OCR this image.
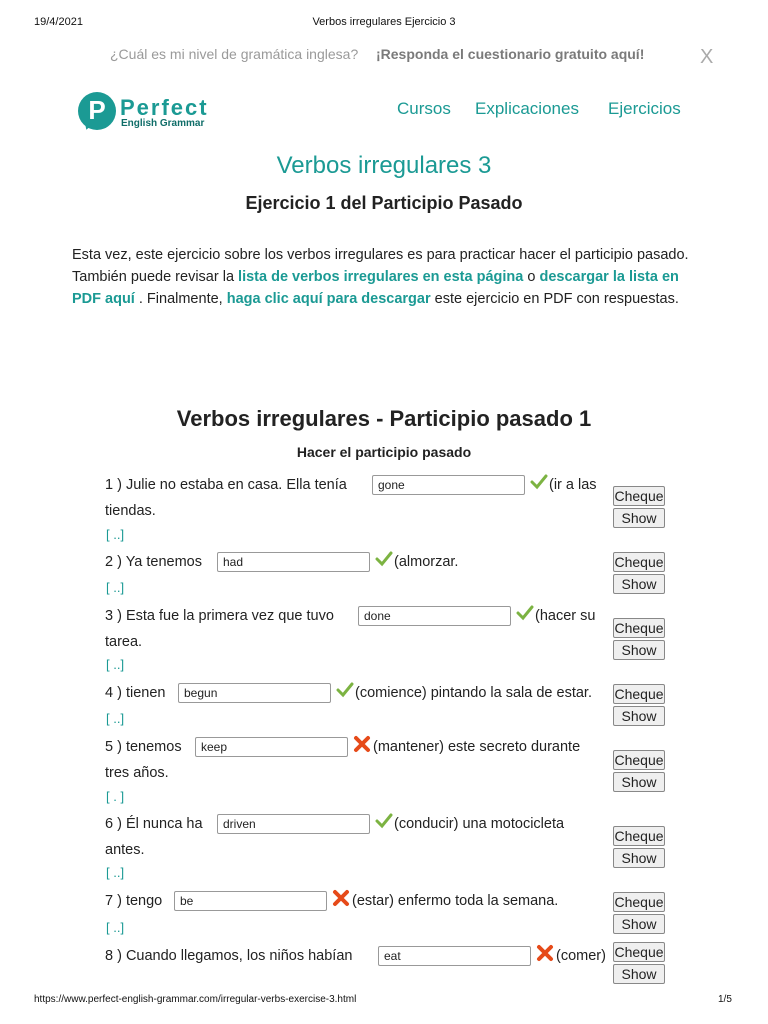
19/4/2021	Verbos irregulares Ejercicio 3
¿Cuál es mi nivel de gramática inglesa? ¡Responda el cuestionario gratuito aquí!	X
P Perfect
English Grammar
Cursos Explicaciones Ejercicios
Verbos irregulares 3
Ejercicio 1 del Participio Pasado
Esta vez, este ejercicio sobre los verbos irregulares es para practicar hacer el participio pasado.
También puede revisar la lista de verbos irregulares en esta página o descargar la lista en PDF aquí . Finalmente, haga clic aquí para descargar este ejercicio en PDF con respuestas.
Verbos irregulares - Participio pasado 1
Hacer el participio pasado
1 ) Julie no estaba en casa. Ella tenía
gone	(ir a las
tiendas.
[ ..]
Cheque
Show
2 ) Ya tenemos
had	(almorzar.
[ ..]
Cheque
Show
3 ) Esta fue la primera vez que tuvo
done	(hacer su
tarea.
[ ..]
Cheque
Show
4 ) tienen
begun	(comience) pintando la sala de estar.
[ ..]
Cheque
Show
5 ) tenemos
keep	(mantener) este secreto durante
tres años.
[ . ]
Cheque
Show
6 ) Él nunca ha
driven	(conducir) una motocicleta
antes.
[ ..]
Cheque
Show
7 ) tengo
be	(estar) enfermo toda la semana.
[ ..]
Cheque
Show
8 ) Cuando llegamos, los niños habían
eat	(comer) Cheque
Show
https://www.perfect-english-grammar.com/irregular-verbs-exercise-3.html	1/5
